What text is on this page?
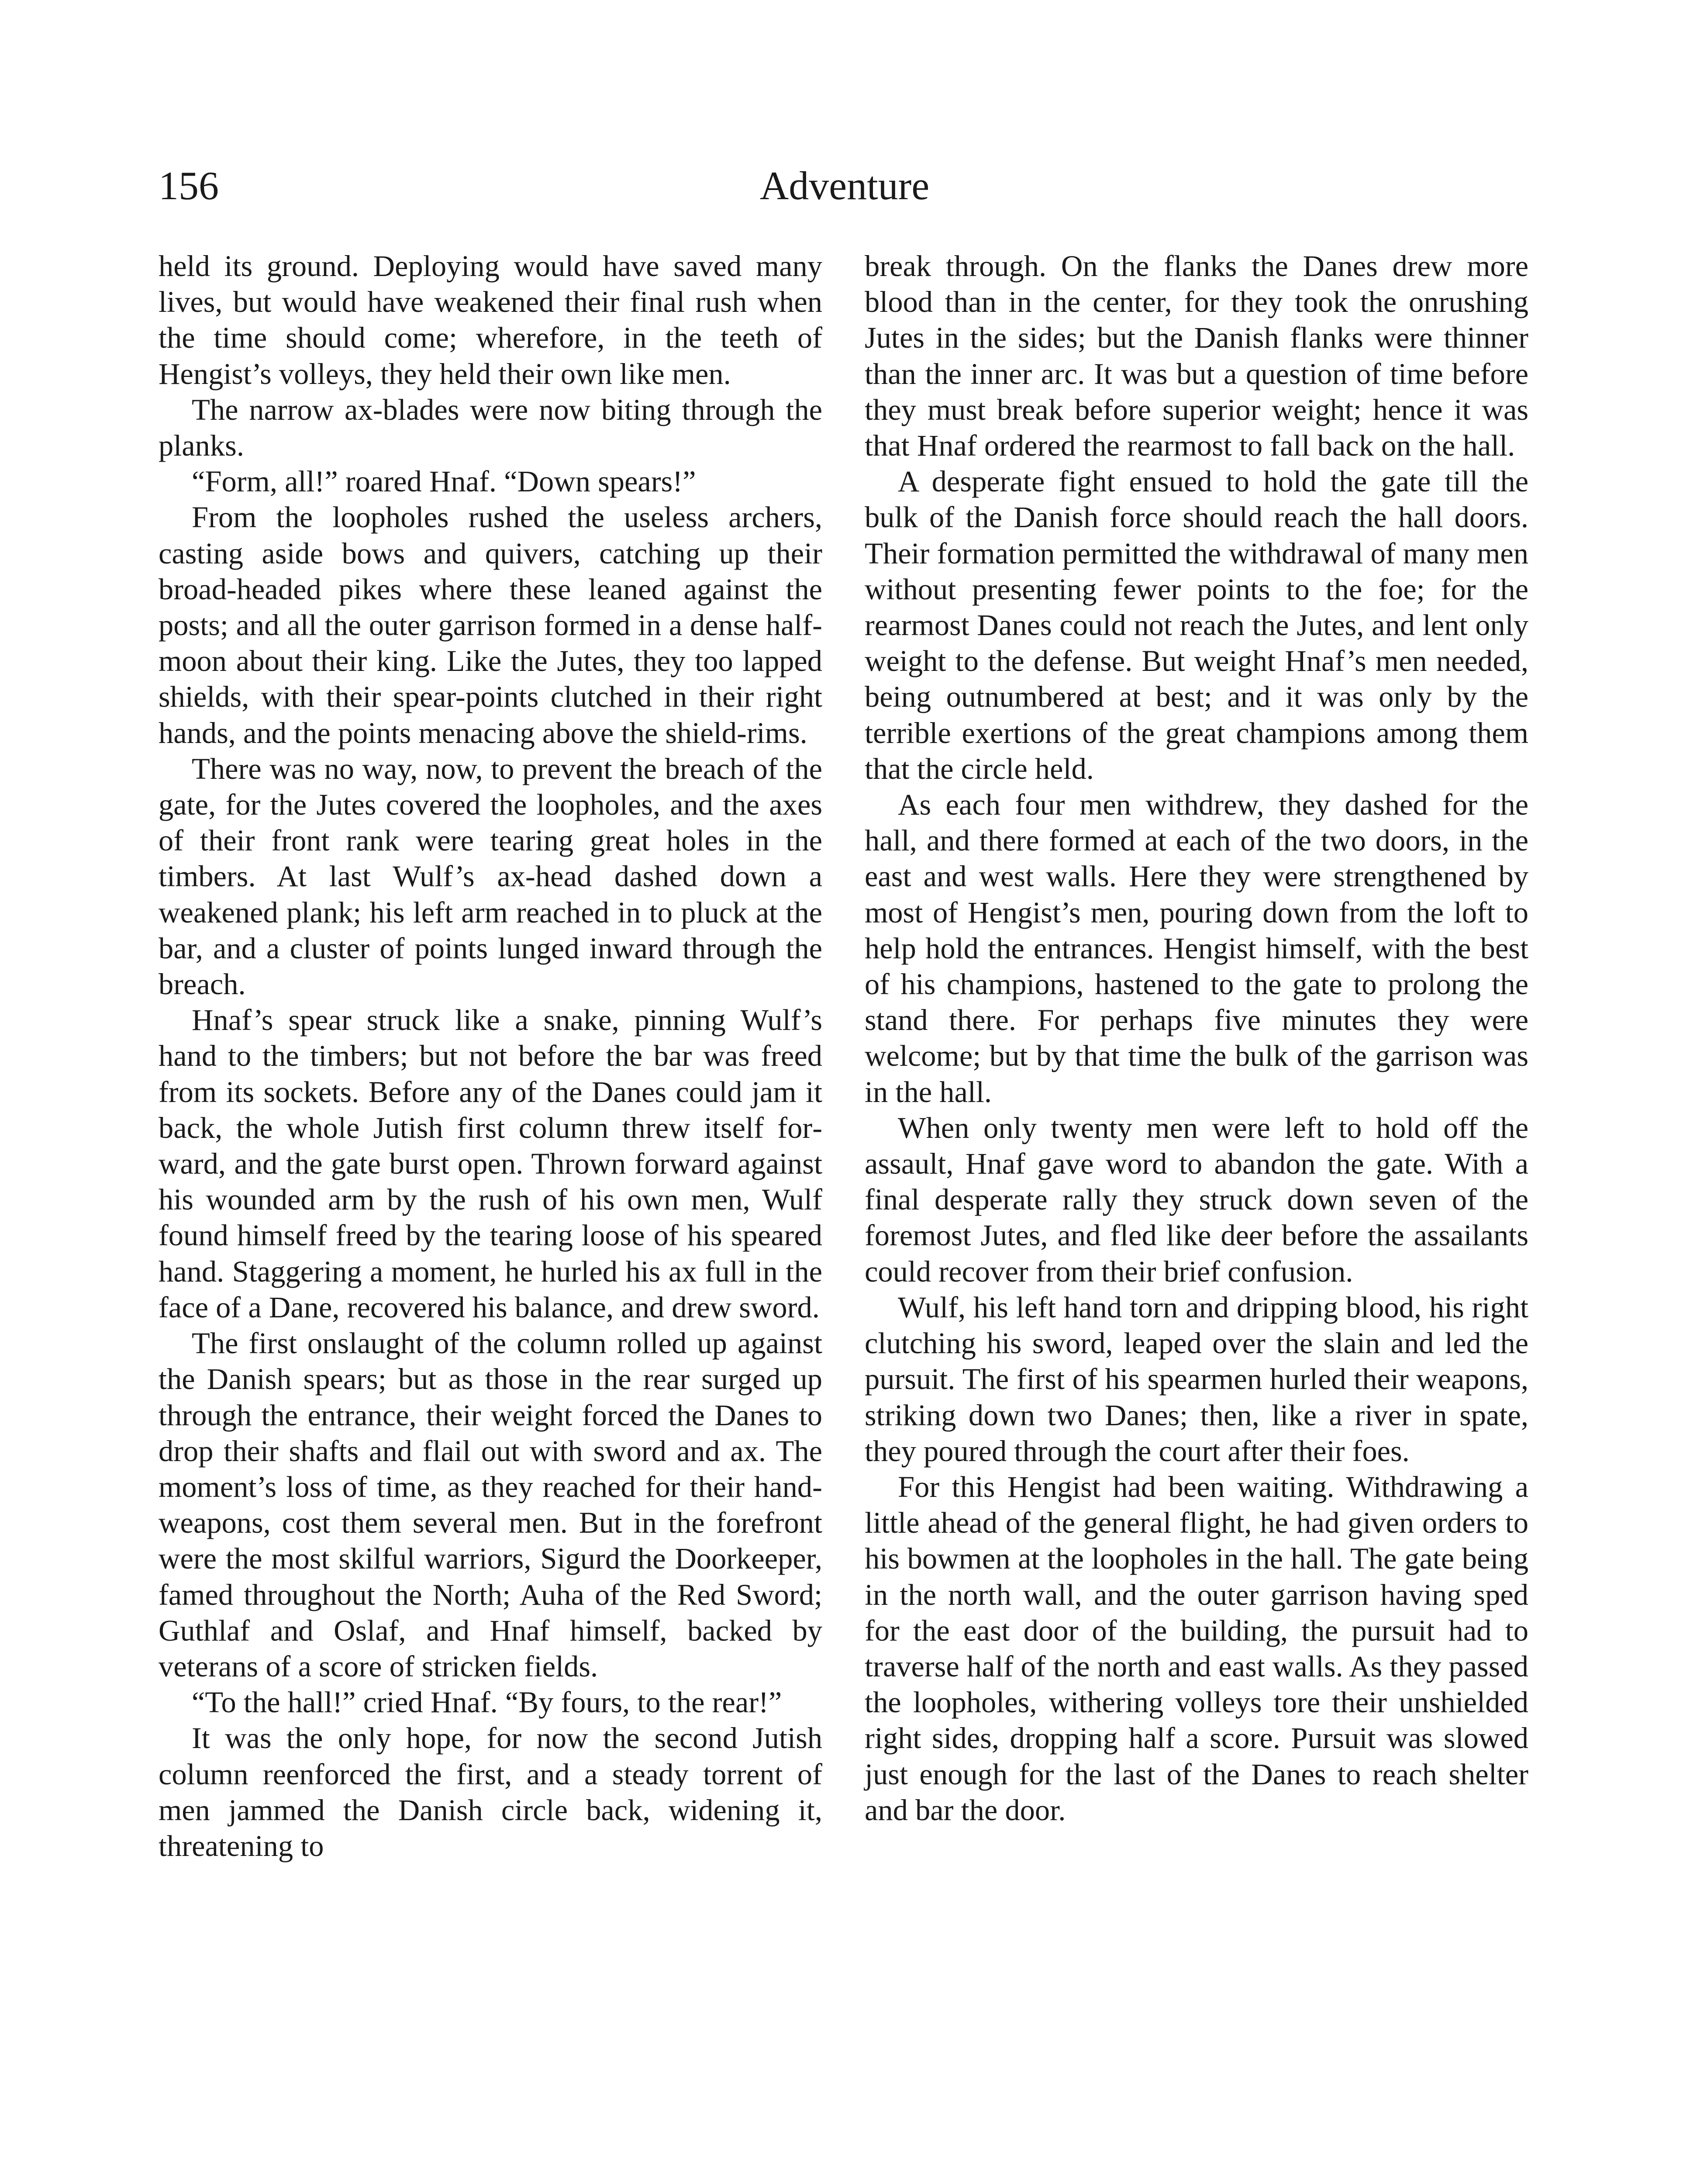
156	Adventure

held its ground. Deploying would have saved many lives, but would have weakened their final rush when the time should come; wherefore, in the teeth of Hengist’s volleys, they held their own like men.

The narrow ax-blades were now biting through the planks.

“Form, all!” roared Hnaf. “Down spears!”

From the loopholes rushed the useless archers, casting aside bows and quivers, catching up their broad-headed pikes where these leaned against the posts; and all the outer garrison formed in a dense half-moon about their king. Like the Jutes, they too lapped shields, with their spear-points clutched in their right hands, and the points menacing above the shield-rims.

There was no way, now, to prevent the breach of the gate, for the Jutes covered the loopholes, and the axes of their front rank were tearing great holes in the timbers. At last Wulf’s ax-head dashed down a weakened plank; his left arm reached in to pluck at the bar, and a cluster of points lunged inward through the breach.

Hnaf’s spear struck like a snake, pinning Wulf’s hand to the timbers; but not before the bar was freed from its sockets. Before any of the Danes could jam it back, the whole Jutish first column threw itself forward, and the gate burst open. Thrown forward against his wounded arm by the rush of his own men, Wulf found himself freed by the tearing loose of his speared hand. Staggering a moment, he hurled his ax full in the face of a Dane, recovered his balance, and drew sword.

The first onslaught of the column rolled up against the Danish spears; but as those in the rear surged up through the entrance, their weight forced the Danes to drop their shafts and flail out with sword and ax. The moment’s loss of time, as they reached for their hand-weapons, cost them several men. But in the forefront were the most skilful warriors, Sigurd the Doorkeeper, famed throughout the North; Auha of the Red Sword; Guthlaf and Oslaf, and Hnaf himself, backed by veterans of a score of stricken fields.

“To the hall!” cried Hnaf. “By fours, to the rear!”

It was the only hope, for now the second Jutish column reenforced the first, and a steady torrent of men jammed the Danish circle back, widening it, threatening to

break through. On the flanks the Danes drew more blood than in the center, for they took the onrushing Jutes in the sides; but the Danish flanks were thinner than the inner arc. It was but a question of time before they must break before superior weight; hence it was that Hnaf ordered the rearmost to fall back on the hall.

A desperate fight ensued to hold the gate till the bulk of the Danish force should reach the hall doors. Their formation permitted the withdrawal of many men without presenting fewer points to the foe; for the rearmost Danes could not reach the Jutes, and lent only weight to the defense. But weight Hnaf’s men needed, being outnumbered at best; and it was only by the terrible exertions of the great champions among them that the circle held.

As each four men withdrew, they dashed for the hall, and there formed at each of the two doors, in the east and west walls. Here they were strengthened by most of Hengist’s men, pouring down from the loft to help hold the entrances. Hengist himself, with the best of his champions, hastened to the gate to prolong the stand there. For perhaps five minutes they were welcome; but by that time the bulk of the garrison was in the hall.

When only twenty men were left to hold off the assault, Hnaf gave word to abandon the gate. With a final desperate rally they struck down seven of the foremost Jutes, and fled like deer before the assailants could recover from their brief confusion.

Wulf, his left hand torn and dripping blood, his right clutching his sword, leaped over the slain and led the pursuit. The first of his spearmen hurled their weapons, striking down two Danes; then, like a river in spate, they poured through the court after their foes.

For this Hengist had been waiting. Withdrawing a little ahead of the general flight, he had given orders to his bowmen at the loopholes in the hall. The gate being in the north wall, and the outer garrison having sped for the east door of the building, the pursuit had to traverse half of the north and east walls. As they passed the loopholes, withering volleys tore their unshielded right sides, dropping half a score. Pursuit was slowed just enough for the last of the Danes to reach shelter and bar the door.
